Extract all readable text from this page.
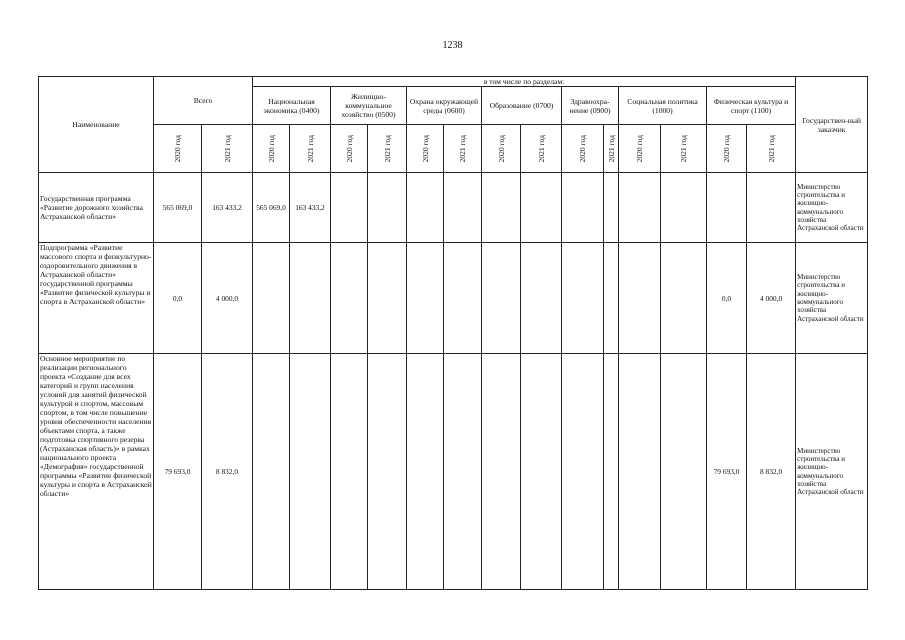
1238
Наименование	Всего		в том числе по разделам:														Государствен-ный заказчик
			Национальная экономика (0400)		Жилищно-коммунальное хозяйство (0500)		Охрана окружающей среды (0600)		Образование (0700)		Здравоохра-нение (0900)		Социальная политика (1000)		Физическая культура и спорт (1100)		

	2020 год	2021 год	2020 год	2021 год	2020 год	2021 год	2020 год	2021 год	2020 год	2021 год	2020 год	2021 год	2020 год	2021 год	2020 год	2021 год	

Государственная программа «Развитие дорожного хозяйства Астраханской области»	565 069,0	163 433,2	565 069,0	163 433,2													Министерство строительства и жилищно-коммунального хозяйства Астраханской области
Подпрограмма «Развитие массового спорта и физкультурно-оздоровительного движения в Астраханской области» государственной программы «Развитие физической культуры и спорта в Астраханской области»	0,0	4 000,0													0,0	4 000,0	Министерство строительства и жилищно-коммунального хозяйства Астраханской области
Основное мероприятие по реализации регионального проекта «Создание для всех категорий и групп населения условий для занятий физической культурой и спортом, массовым спортом, в том числе повышение уровня обеспеченности населения объектами спорта, а также подготовка спортивного резерва (Астраханская область)» в рамках национального проекта «Демография» государственной программы «Развитие физической культуры и спорта в Астраханской области»	79 693,0	8 832,0													79 693,0	8 832,0	Министерство строительства и жилищно-коммунального хозяйства Астраханской области
